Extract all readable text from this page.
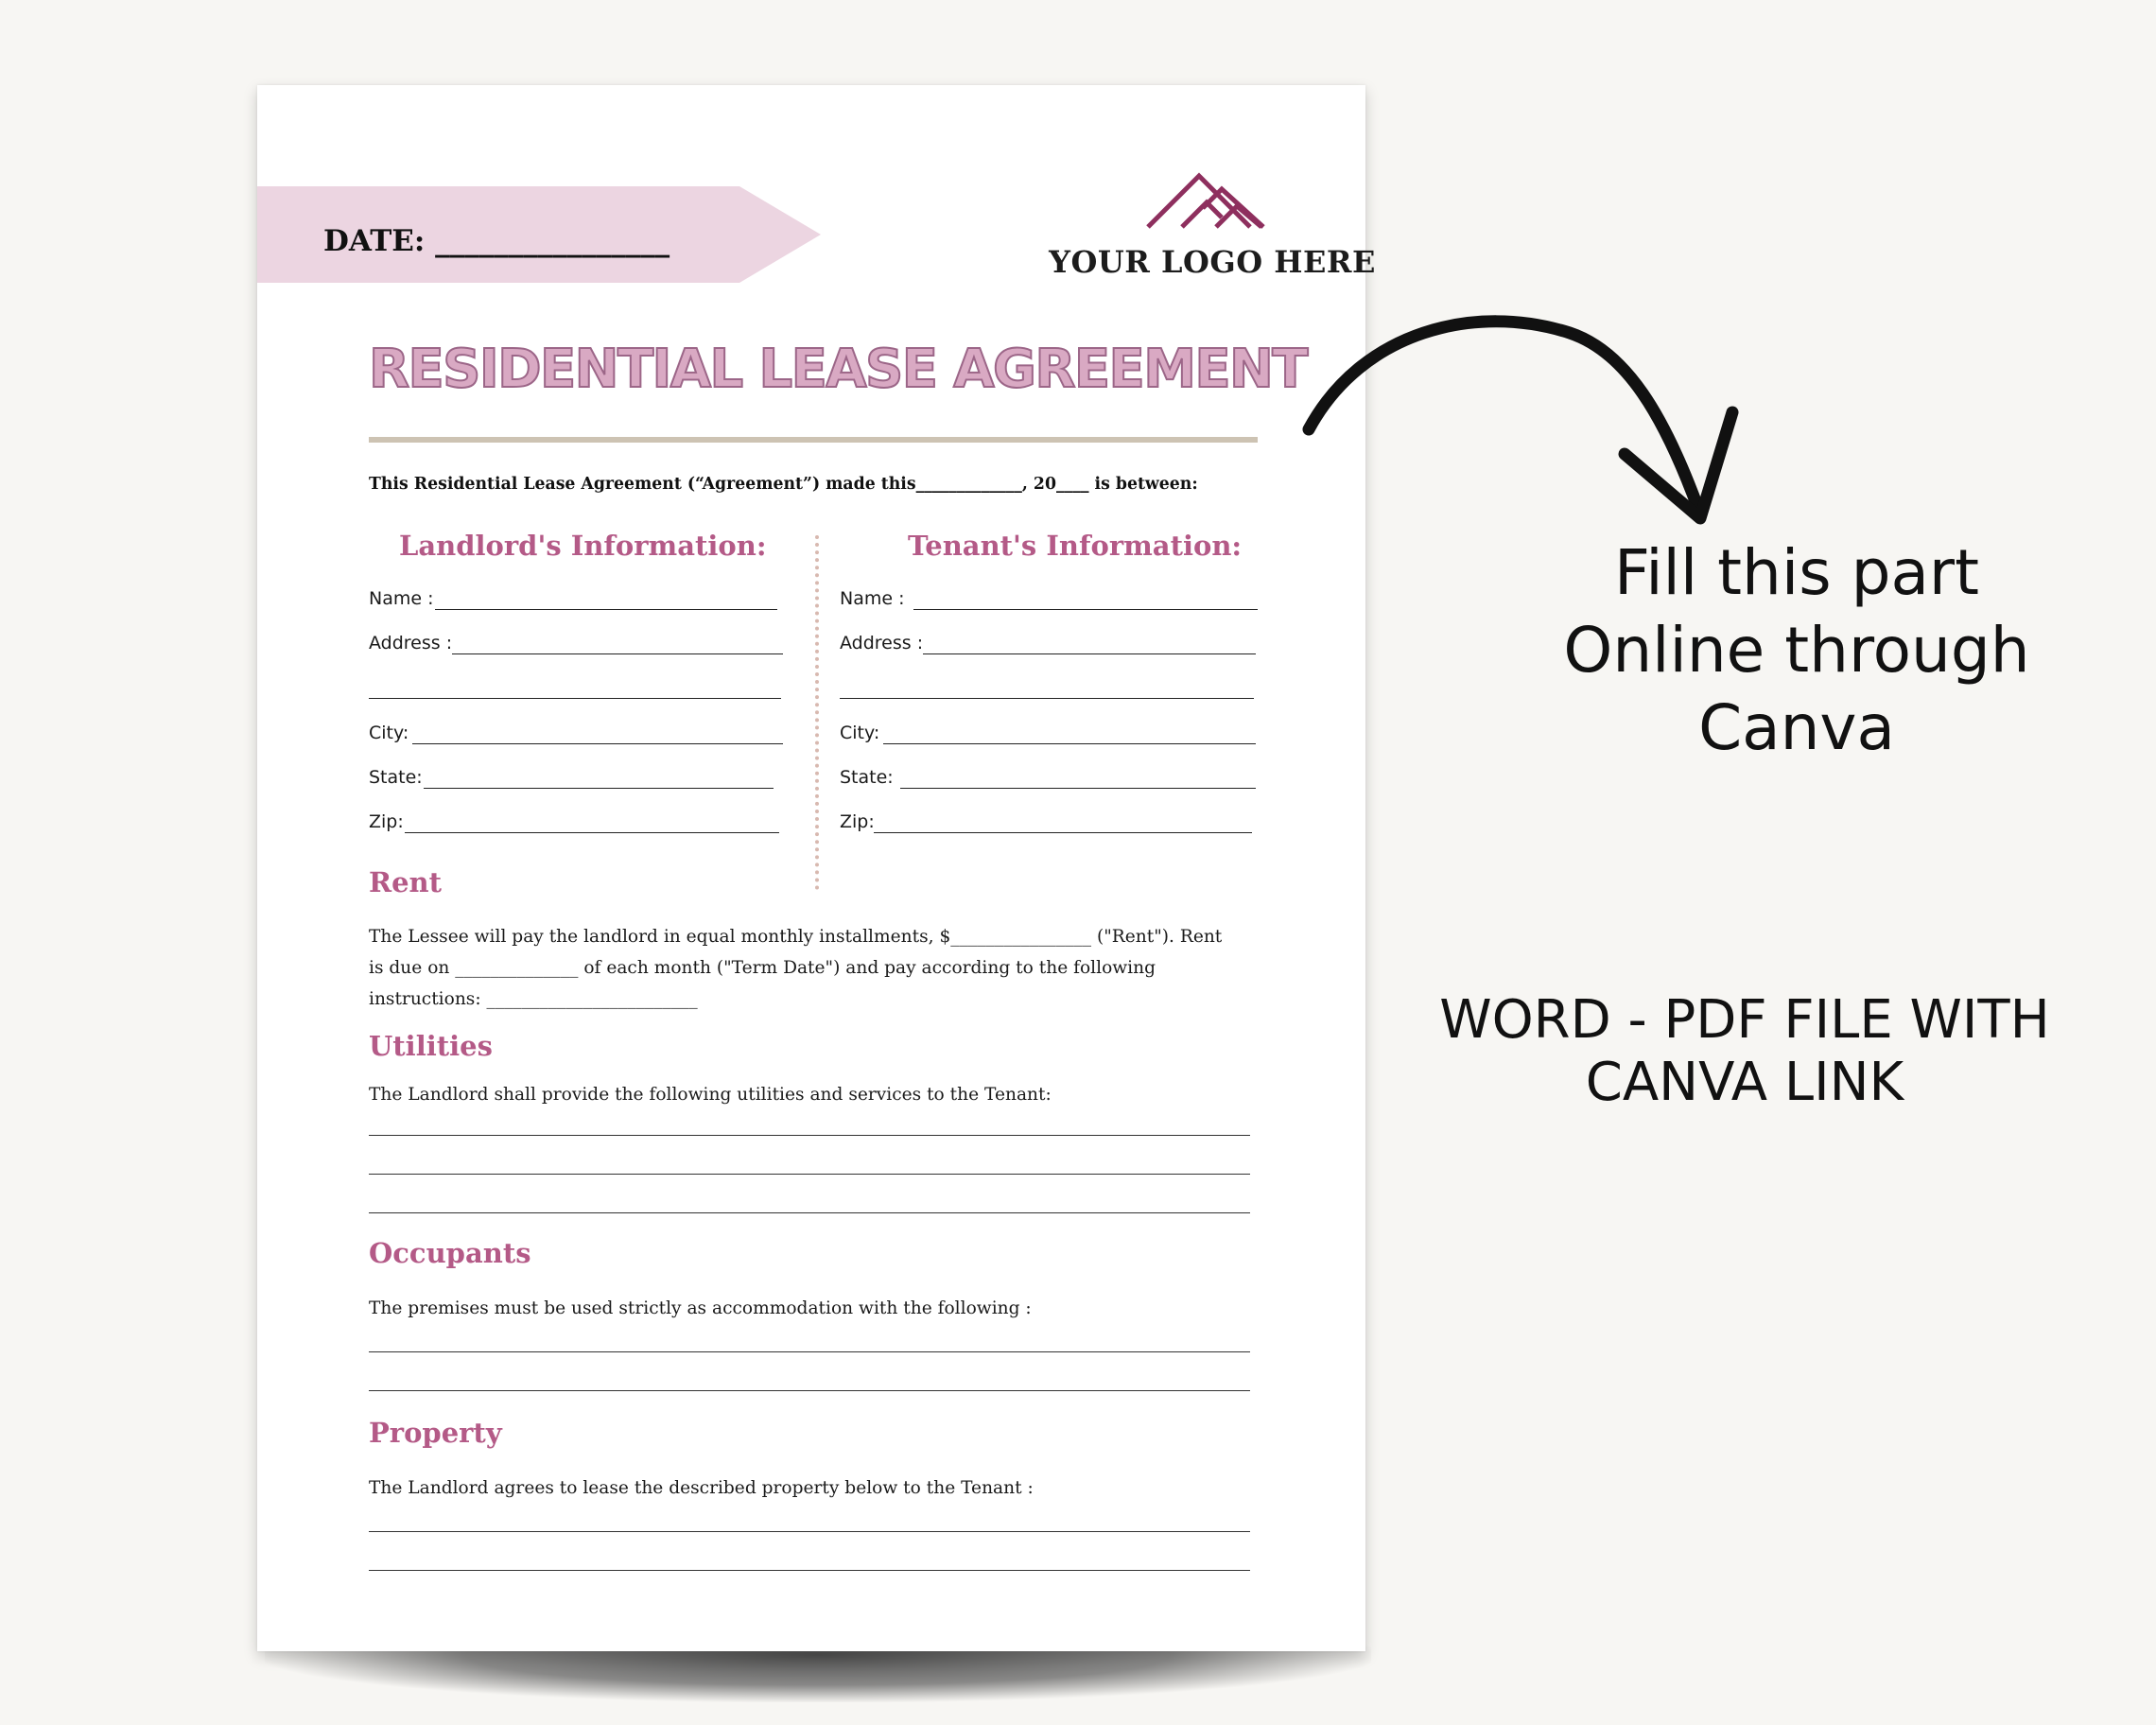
DATE: ________________
YOUR LOGO HERE
RESIDENTIAL LEASE AGREEMENT
This Residential Lease Agreement (“Agreement”) made this_____________, 20____ is between:
Landlord's Information:
Name :
Address :
City:
State:
Zip:
Tenant's Information:
Name :
Address :
City:
State:
Zip:
Rent
The Lessee will pay the landlord in equal monthly installments, $________________ ("Rent"). Rent
is due on ______________ of each month ("Term Date") and pay according to the following
instructions: ________________________
Utilities
The Landlord shall provide the following utilities and services to the Tenant:
Occupants
The premises must be used strictly as accommodation with the following :
Property
The Landlord agrees to lease the described property below to the Tenant :
Fill this part
Online through
Canva
WORD - PDF FILE WITH
CANVA LINK
